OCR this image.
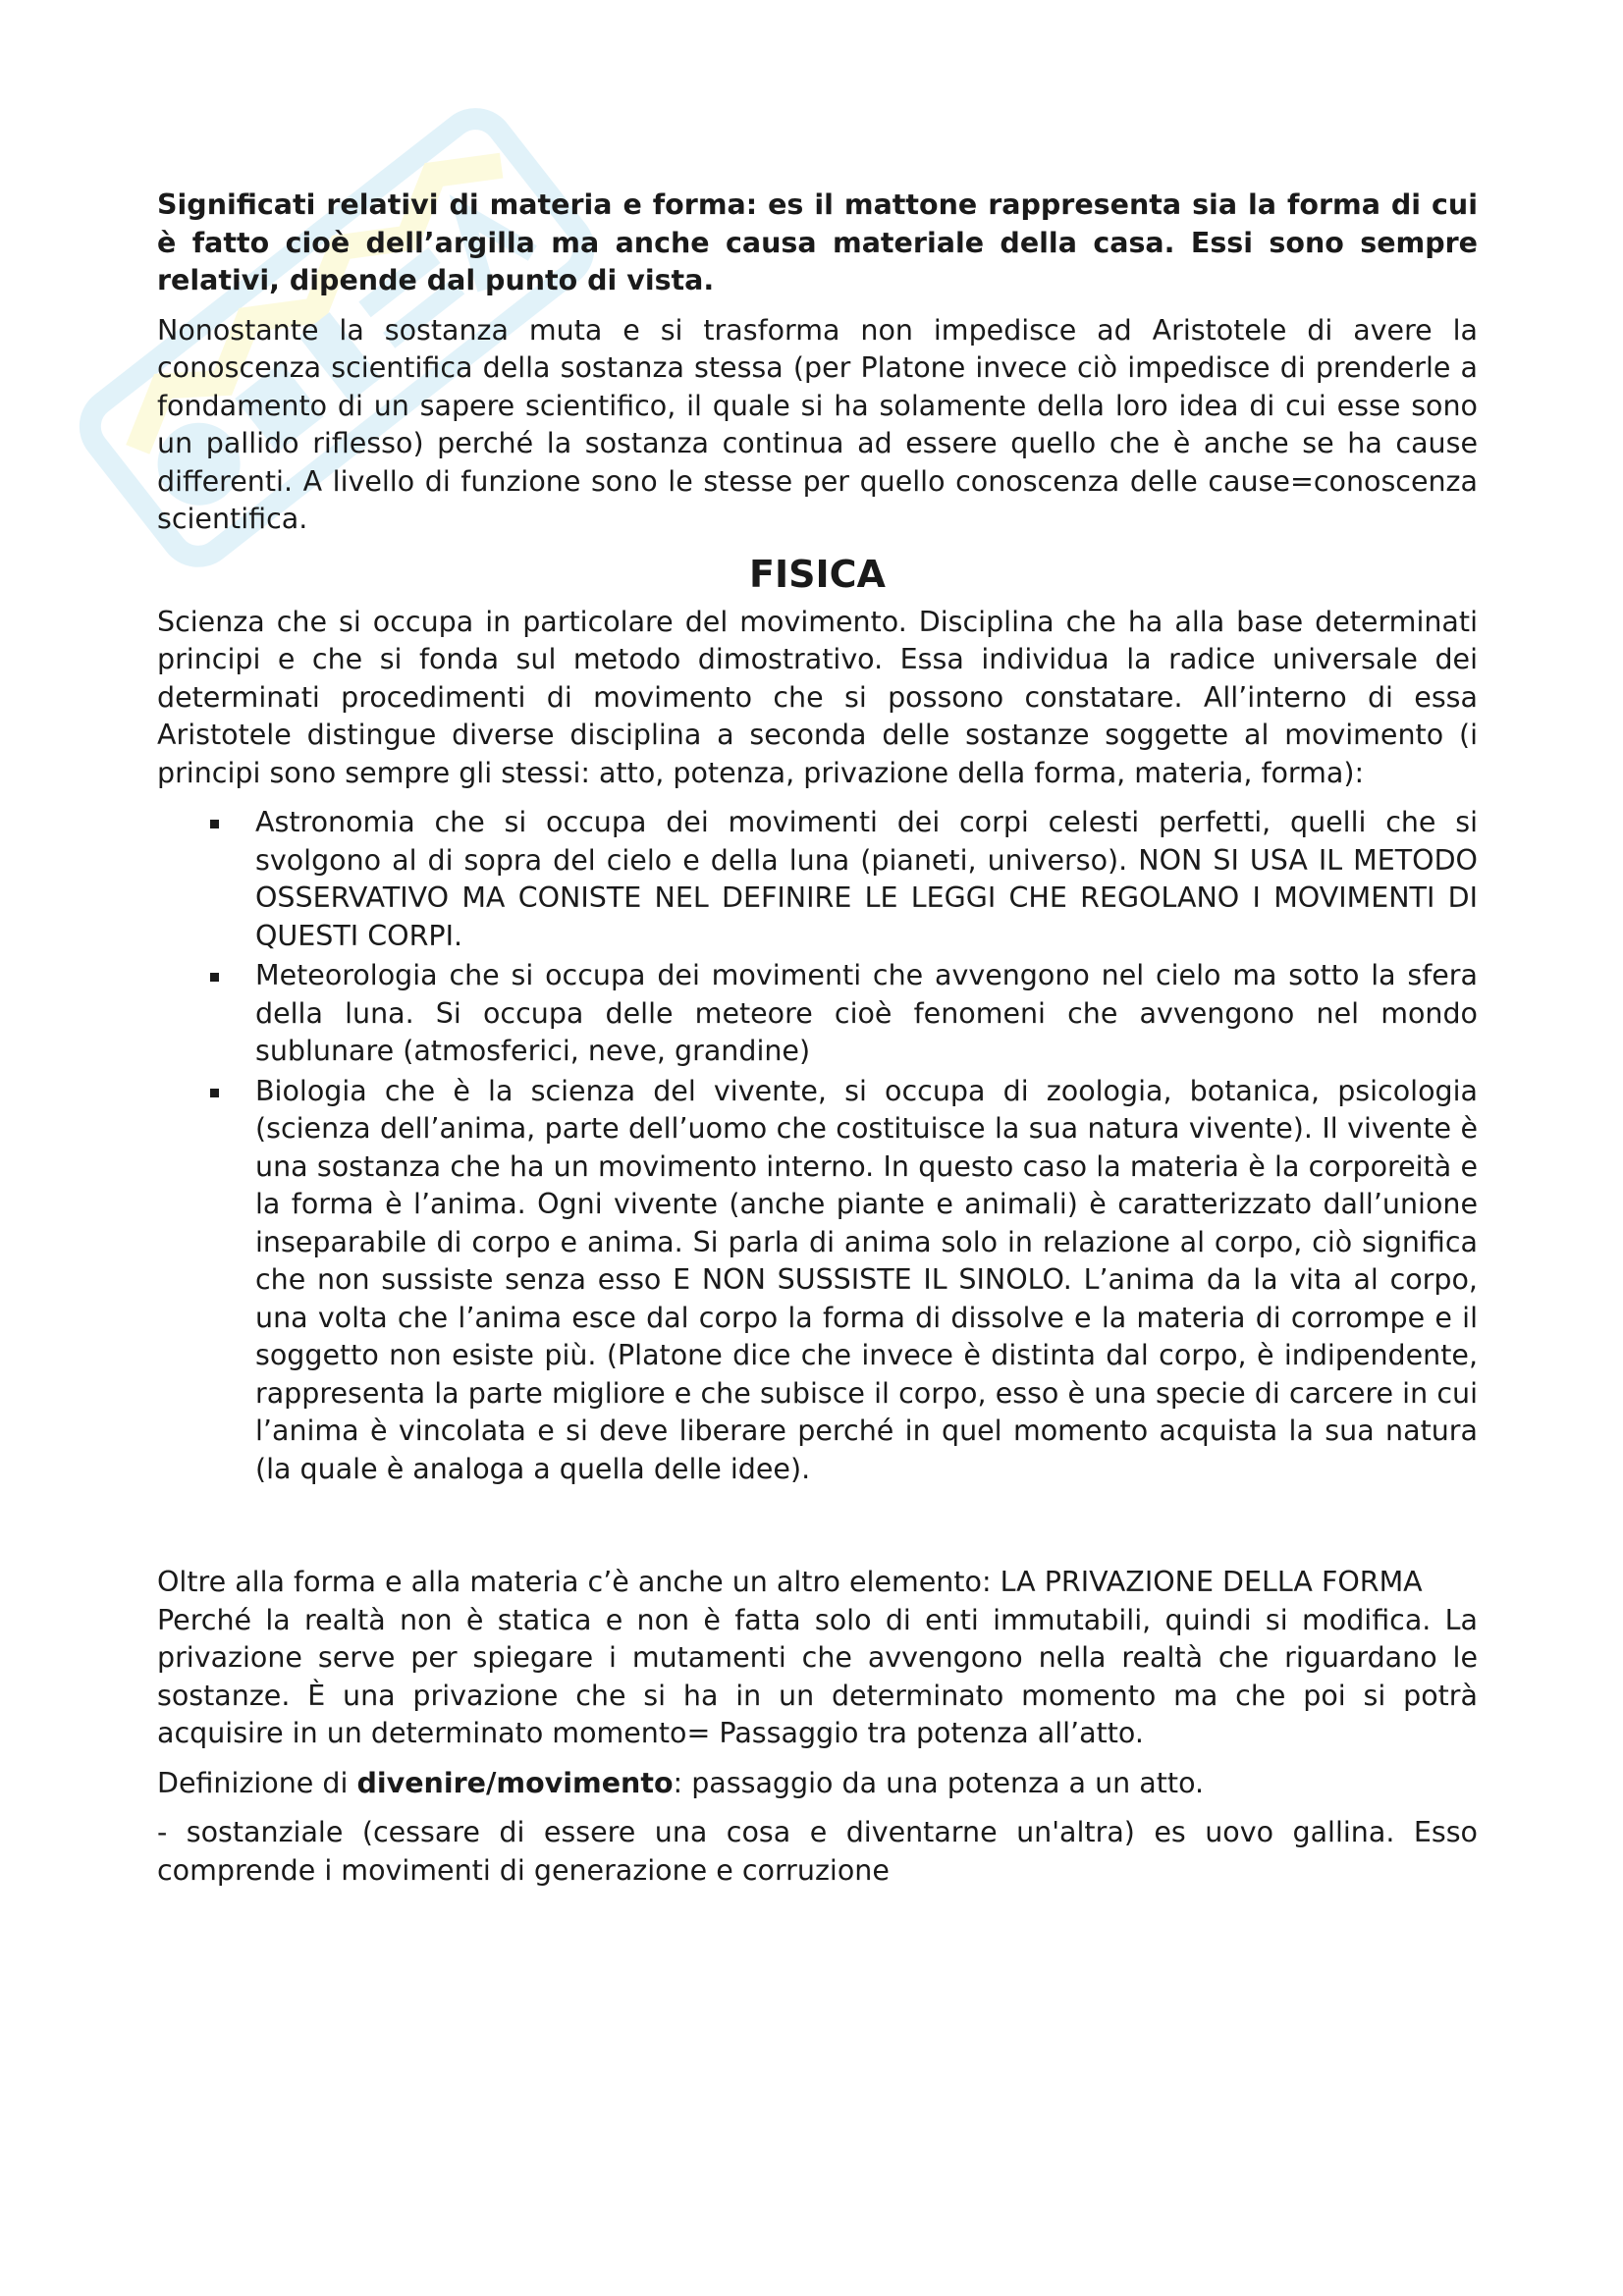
Significati relativi di materia e forma: es il mattone rappresenta sia la forma di cui è fatto cioè dell’argilla ma anche causa materiale della casa. Essi sono sempre relativi, dipende dal punto di vista.

Nonostante la sostanza muta e si trasforma non impedisce ad Aristotele di avere la conoscenza scientifica della sostanza stessa (per Platone invece ciò impedisce di prenderle a fondamento di un sapere scientifico, il quale si ha solamente della loro idea di cui esse sono un pallido riflesso) perché la sostanza continua ad essere quello che è anche se ha cause differenti. A livello di funzione sono le stesse per quello conoscenza delle cause=conoscenza scientifica.

FISICA

Scienza che si occupa in particolare del movimento. Disciplina che ha alla base determinati principi e che si fonda sul metodo dimostrativo. Essa individua la radice universale dei determinati procedimenti di movimento che si possono constatare. All’interno di essa Aristotele distingue diverse disciplina a seconda delle sostanze soggette al movimento (i principi sono sempre gli stessi: atto, potenza, privazione della forma, materia, forma):

Astronomia che si occupa dei movimenti dei corpi celesti perfetti, quelli che si svolgono al di sopra del cielo e della luna (pianeti, universo). NON SI USA IL METODO OSSERVATIVO MA CONISTE NEL DEFINIRE LE LEGGI CHE REGOLANO I MOVIMENTI DI QUESTI CORPI.
Meteorologia che si occupa dei movimenti che avvengono nel cielo ma sotto la sfera della luna. Si occupa delle meteore cioè fenomeni che avvengono nel mondo sublunare (atmosferici, neve, grandine)
Biologia che è la scienza del vivente, si occupa di zoologia, botanica, psicologia (scienza dell’anima, parte dell’uomo che costituisce la sua natura vivente). Il vivente è una sostanza che ha un movimento interno. In questo caso la materia è la corporeità e la forma è l’anima. Ogni vivente (anche piante e animali) è caratterizzato dall’unione inseparabile di corpo e anima. Si parla di anima solo in relazione al corpo, ciò significa che non sussiste senza esso E NON SUSSISTE IL SINOLO. L’anima da la vita al corpo, una volta che l’anima esce dal corpo la forma di dissolve e la materia di corrompe e il soggetto non esiste più. (Platone dice che invece è distinta dal corpo, è indipendente, rappresenta la parte migliore e che subisce il corpo, esso è una specie di carcere in cui l’anima è vincolata e si deve liberare perché in quel momento acquista la sua natura (la quale è analoga a quella delle idee).

Oltre alla forma e alla materia c’è anche un altro elemento: LA PRIVAZIONE DELLA FORMA
Perché la realtà non è statica e non è fatta solo di enti immutabili, quindi si modifica. La privazione serve per spiegare i mutamenti che avvengono nella realtà che riguardano le sostanze. È una privazione che si ha in un determinato momento ma che poi si potrà acquisire in un determinato momento= Passaggio tra potenza all’atto.

Definizione di divenire/movimento: passaggio da una potenza a un atto.

- sostanziale (cessare di essere una cosa e diventarne un'altra) es uovo gallina. Esso comprende i movimenti di generazione e corruzione
